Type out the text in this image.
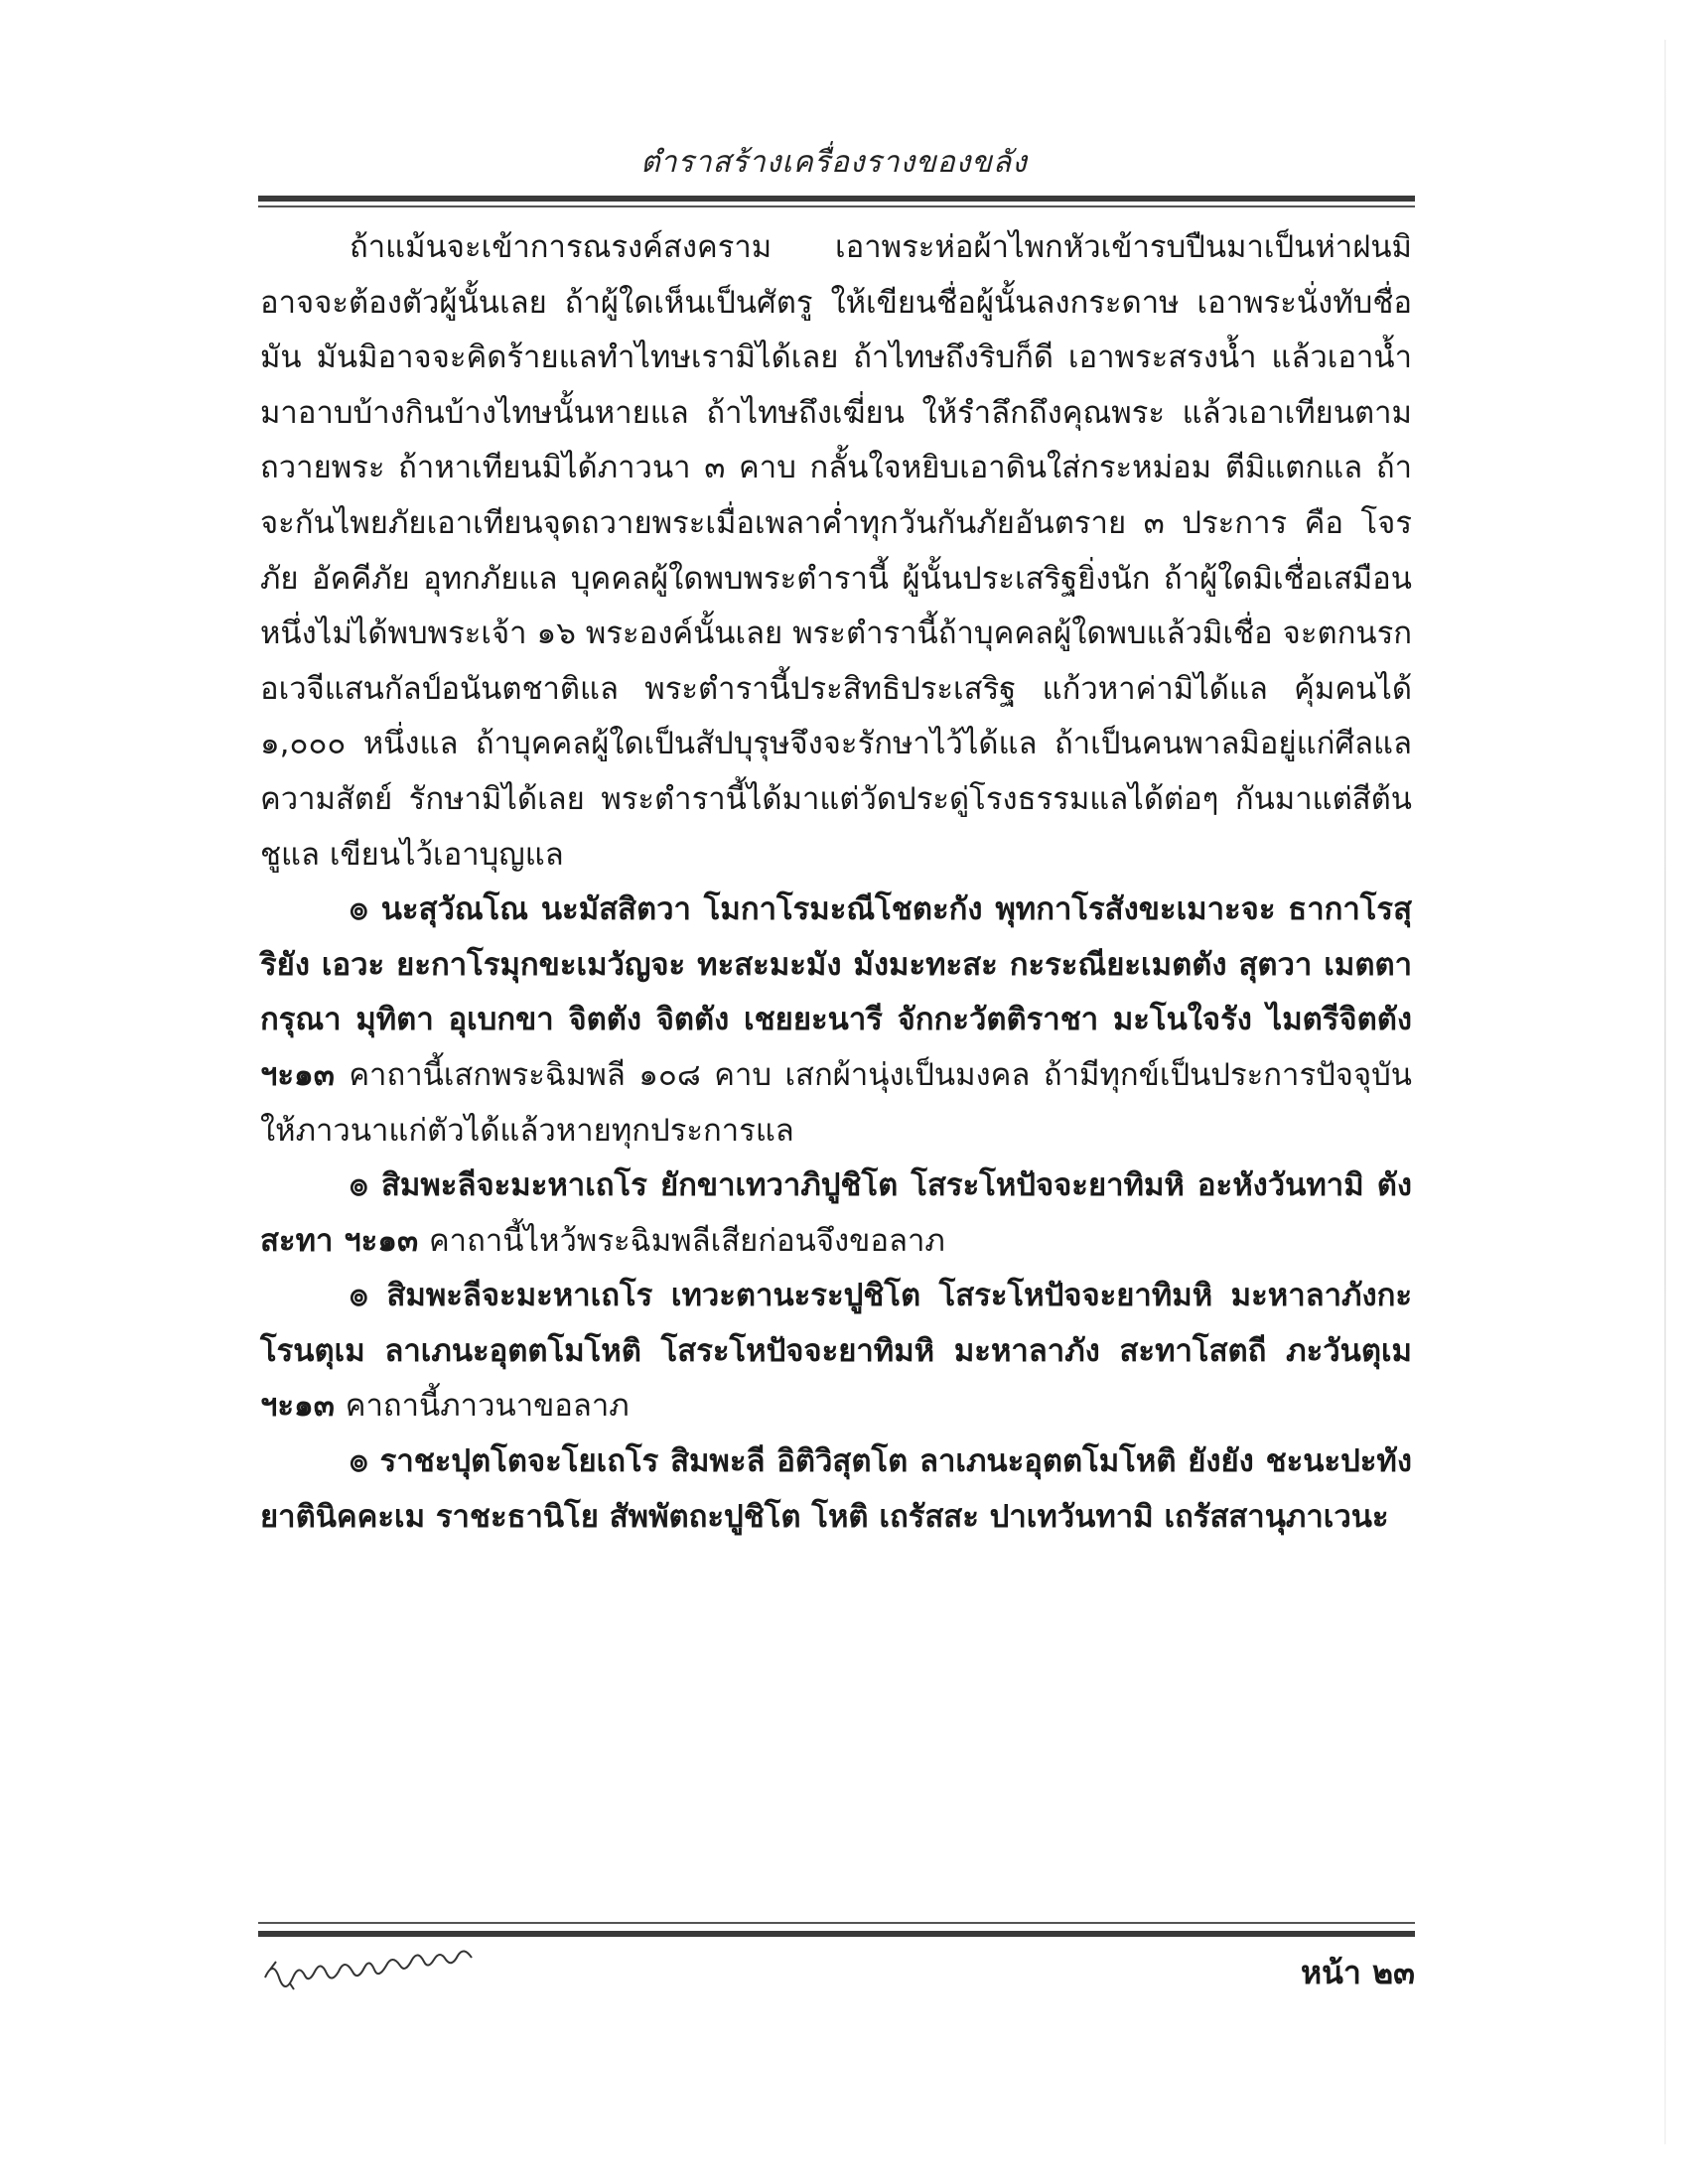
ตำราสร้างเครื่องรางของขลัง

ถ้าแม้นจะเข้าการณรงค์สงคราม เอาพระห่อผ้าไพกหัวเข้ารบปืนมาเป็นห่าฝนมิอาจจะต้องตัวผู้นั้นเลย ถ้าผู้ใดเห็นเป็นศัตรู ให้เขียนชื่อผู้นั้นลงกระดาษ เอาพระนั่งทับชื่อมัน มันมิอาจจะคิดร้ายแลทำไทษเรามิได้เลย ถ้าไทษถึงริบก็ดี เอาพระสรงน้ำ แล้วเอาน้ำมาอาบบ้างกินบ้างไทษนั้นหายแล ถ้าไทษถึงเฆี่ยน ให้รำลึกถึงคุณพระ แล้วเอาเทียนตามถวายพระ ถ้าหาเทียนมิได้ภาวนา ๓ คาบ กลั้นใจหยิบเอาดินใส่กระหม่อม ตีมิแตกแล ถ้าจะกันไพยภัยเอาเทียนจุดถวายพระเมื่อเพลาค่ำทุกวันกันภัยอันตราย ๓ ประการ คือ โจรภัย อัคคีภัย อุทกภัยแล บุคคลผู้ใดพบพระตำรานี้ ผู้นั้นประเสริฐยิ่งนัก ถ้าผู้ใดมิเชื่อเสมือนหนึ่งไม่ได้พบพระเจ้า ๑๖ พระองค์นั้นเลย พระตำรานี้ถ้าบุคคลผู้ใดพบแล้วมิเชื่อ จะตกนรกอเวจีแสนกัลป์อนันตชาติแล พระตำรานี้ประสิทธิประเสริฐ แก้วหาค่ามิได้แล คุ้มคนได้ ๑,๐๐๐ หนึ่งแล ถ้าบุคคลผู้ใดเป็นสัปบุรุษจึงจะรักษาไว้ได้แล ถ้าเป็นคนพาลมิอยู่แก่ศีลแลความสัตย์ รักษามิได้เลย พระตำรานี้ได้มาแต่วัดประดู่โรงธรรมแลได้ต่อๆ กันมาแต่สีต้นชูแล เขียนไว้เอาบุญแล

๏ นะสุวัณโณ นะมัสสิตวา โมกาโรมะณีโชตะกัง พุทกาโรสังขะเมาะจะ ธากาโรสุริยัง เอวะ ยะกาโรมุกขะเมวัญจะ ทะสะมะมัง มังมะทะสะ กะระณียะเมตตัง สุตวา เมตตา กรุณา มุทิตา อุเบกขา จิตตัง จิตตัง เชยยะนารี จักกะวัตติราชา มะโนใจรัง ไมตรีจิตตัง ฯะ๑๓ คาถานี้เสกพระฉิมพลี ๑๐๘ คาบ เสกผ้านุ่งเป็นมงคล ถ้ามีทุกข์เป็นประการปัจจุบันให้ภาวนาแก่ตัวได้แล้วหายทุกประการแล

๏ สิมพะลีจะมะหาเถโร ยักขาเทวาภิปูชิโต โสระโหปัจจะยาทิมหิ อะหังวันทามิ ตังสะทา ฯะ๑๓ คาถานี้ไหว้พระฉิมพลีเสียก่อนจึงขอลาภ

๏ สิมพะลีจะมะหาเถโร เทวะตานะระปูชิโต โสระโหปัจจะยาทิมหิ มะหาลาภังกะโรนตุเม ลาเภนะอุตตโมโหติ โสระโหปัจจะยาทิมหิ มะหาลาภัง สะทาโสตถี ภะวันตุเม ฯะ๑๓ คาถานี้ภาวนาขอลาภ

๏ ราชะปุตโตจะโยเถโร สิมพะลี อิติวิสุตโต ลาเภนะอุตตโมโหติ ยังยัง ชะนะปะทัง ยาตินิคคะเม ราชะธานิโย สัพพัตถะปูชิโต โหติ เถรัสสะ ปาเทวันทามิ เถรัสสานุภาเวนะ

หน้า ๒๓
